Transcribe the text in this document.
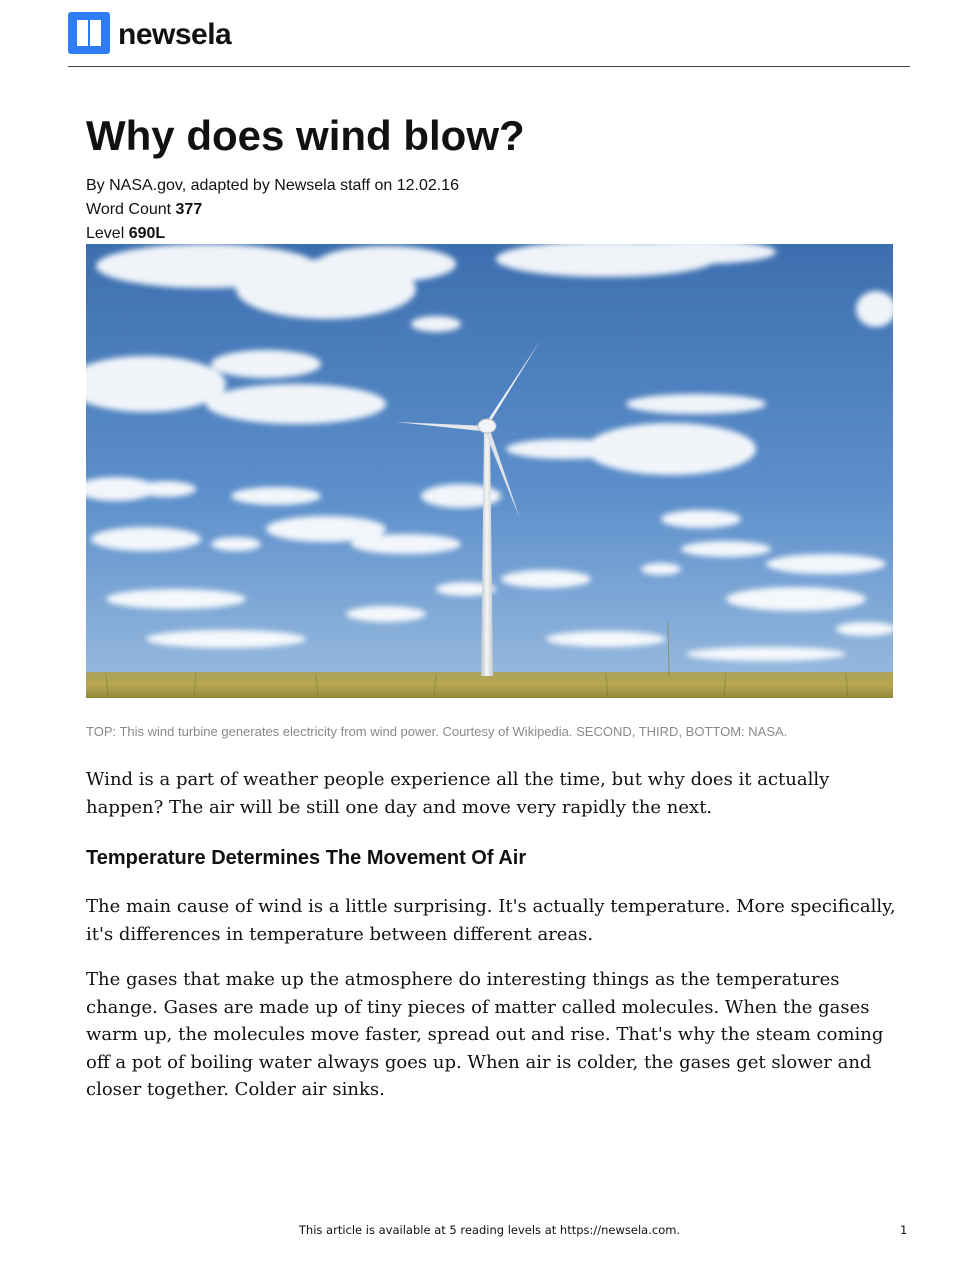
newsela
Why does wind blow?
By NASA.gov, adapted by Newsela staff on 12.02.16
Word Count 377
Level 690L
TOP: This wind turbine generates electricity from wind power. Courtesy of Wikipedia. SECOND, THIRD, BOTTOM: NASA.
Wind is a part of weather people experience all the time, but why does it actually happen? The air will be still one day and move very rapidly the next.
Temperature Determines The Movement Of Air
The main cause of wind is a little surprising. It's actually temperature. More specifically, it's differences in temperature between different areas.
The gases that make up the atmosphere do interesting things as the temperatures change. Gases are made up of tiny pieces of matter called molecules. When the gases warm up, the molecules move faster, spread out and rise. That's why the steam coming off a pot of boiling water always goes up. When air is colder, the gases get slower and closer together. Colder air sinks.
This article is available at 5 reading levels at https://newsela.com.	1
